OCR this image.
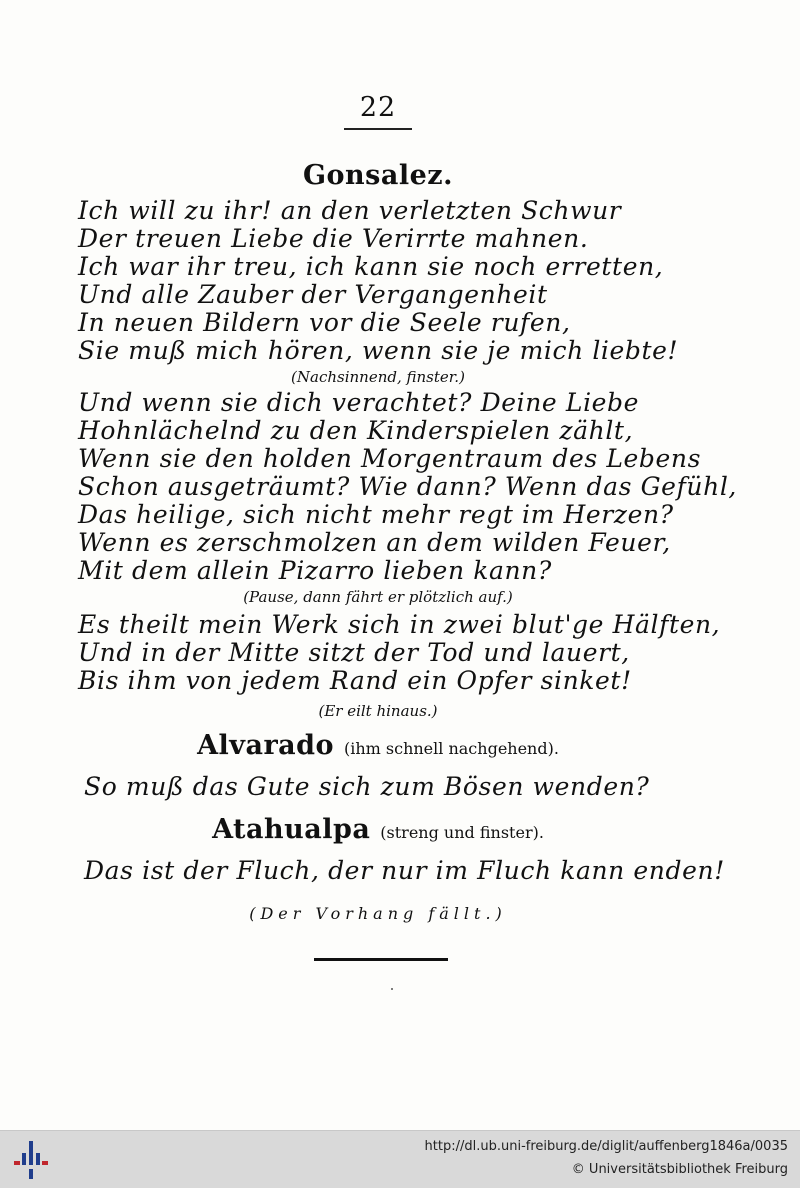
22
Gonsalez.
Ich will zu ihr! an den verletzten Schwur
Der treuen Liebe die Verirrte mahnen.
Ich war ihr treu, ich kann sie noch erretten,
Und alle Zauber der Vergangenheit
In neuen Bildern vor die Seele rufen,
Sie muß mich hören, wenn sie je mich liebte!
(Nachsinnend, finster.)
Und wenn sie dich verachtet? Deine Liebe
Hohnlächelnd zu den Kinderspielen zählt,
Wenn sie den holden Morgentraum des Lebens
Schon ausgeträumt? Wie dann? Wenn das Gefühl,
Das heilige, sich nicht mehr regt im Herzen?
Wenn es zerschmolzen an dem wilden Feuer,
Mit dem allein Pizarro lieben kann?
(Pause, dann fährt er plötzlich auf.)
Es theilt mein Werk sich in zwei blut'ge Hälften,
Und in der Mitte sitzt der Tod und lauert,
Bis ihm von jedem Rand ein Opfer sinket!
(Er eilt hinaus.)
Alvarado (ihm schnell nachgehend).
So muß das Gute sich zum Bösen wenden?
Atahualpa (streng und finster).
Das ist der Fluch, der nur im Fluch kann enden!
(Der Vorhang fällt.)
http://dl.ub.uni-freiburg.de/diglit/auffenberg1846a/0035
© Universitätsbibliothek Freiburg
